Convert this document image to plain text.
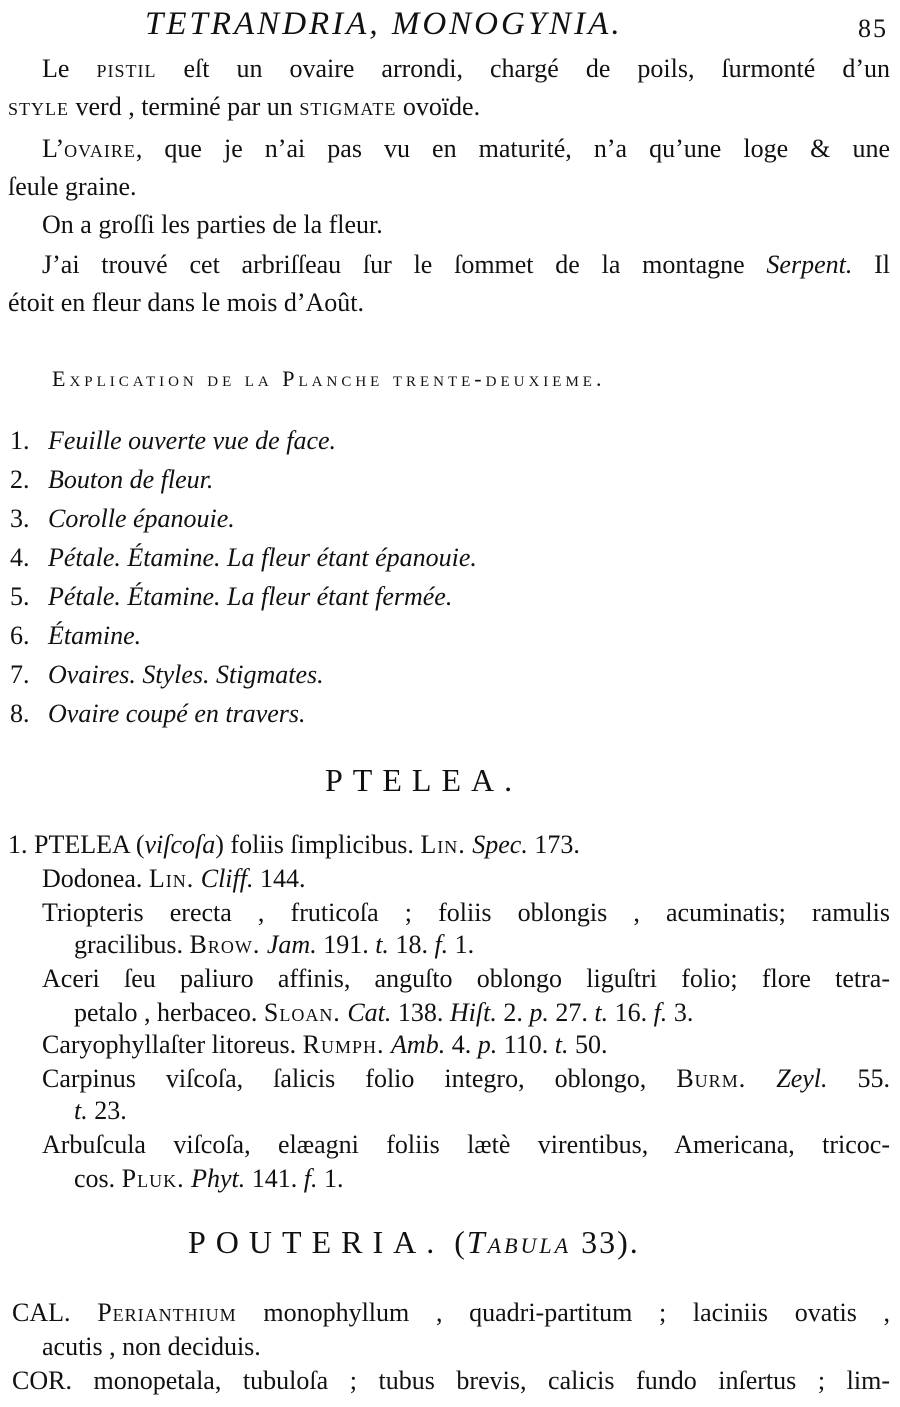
TETRANDRIA, MONOGYNIA.	85
Le pistil eſt un ovaire arrondi, chargé de poils, ſurmonté d’un
style verd , terminé par un stigmate ovoïde.
L’ovaire, que je n’ai pas vu en maturité, n’a qu’une loge & une
ſeule graine.
On a groſſi les parties de la fleur.
J’ai trouvé cet arbriſſeau ſur le ſommet de la montagne Serpent. Il
étoit en fleur dans le mois d’Août.
Explication de la Planche trente-deuxieme.
1. Feuille ouverte vue de face.
2. Bouton de fleur.
3. Corolle épanouie.
4. Pétale. Étamine. La fleur étant épanouie.
5. Pétale. Étamine. La fleur étant fermée.
6. Étamine.
7. Ovaires. Styles. Stigmates.
8. Ovaire coupé en travers.
PTELEA.
1. PTELEA (viſcoſa) foliis ſimplicibus. Lin. Spec. 173.
Dodonea. Lin. Cliff. 144.
Triopteris erecta , fruticoſa ; foliis oblongis , acuminatis; ramulis
gracilibus. Brow. Jam. 191. t. 18. f. 1.
Aceri ſeu paliuro affinis, anguſto oblongo liguſtri folio; flore tetra-
petalo , herbaceo. Sloan. Cat. 138. Hiſt. 2. p. 27. t. 16. f. 3.
Caryophyllaſter litoreus. Rumph. Amb. 4. p. 110. t. 50.
Carpinus viſcoſa, ſalicis folio integro, oblongo, Burm. Zeyl. 55.
t. 23.
Arbuſcula viſcoſa, elæagni foliis lætè virentibus, Americana, tricoc-
cos. Pluk. Phyt. 141. f. 1.
POUTERIA. (Tabula 33).
CAL. Perianthium monophyllum , quadri-partitum ; laciniis ovatis ,
acutis , non deciduis.
COR. monopetala, tubuloſa ; tubus brevis, calicis fundo inſertus ; lim-
